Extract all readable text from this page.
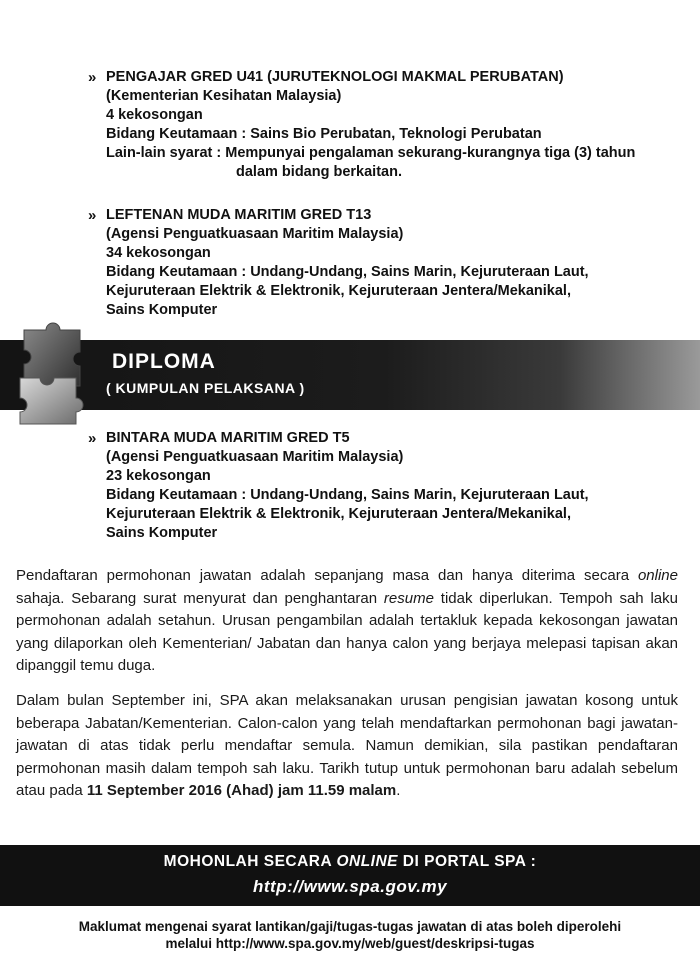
» PENGAJAR GRED U41 (JURUTEKNOLOGI MAKMAL PERUBATAN)
(Kementerian Kesihatan Malaysia)
4 kekosongan
Bidang Keutamaan : Sains Bio Perubatan, Teknologi Perubatan
Lain-lain syarat : Mempunyai pengalaman sekurang-kurangnya tiga (3) tahun
dalam bidang berkaitan.
» LEFTENAN MUDA MARITIM GRED T13
(Agensi Penguatkuasaan Maritim Malaysia)
34 kekosongan
Bidang Keutamaan : Undang-Undang, Sains Marin, Kejuruteraan Laut,
Kejuruteraan Elektrik & Elektronik, Kejuruteraan Jentera/Mekanikal,
Sains Komputer
DIPLOMA
( KUMPULAN PELAKSANA )
» BINTARA MUDA MARITIM GRED T5
(Agensi Penguatkuasaan Maritim Malaysia)
23 kekosongan
Bidang Keutamaan : Undang-Undang, Sains Marin, Kejuruteraan Laut,
Kejuruteraan Elektrik & Elektronik, Kejuruteraan Jentera/Mekanikal,
Sains Komputer
Pendaftaran permohonan jawatan adalah sepanjang masa dan hanya diterima secara online sahaja. Sebarang surat menyurat dan penghantaran resume tidak diperlukan. Tempoh sah laku permohonan adalah setahun. Urusan pengambilan adalah tertakluk kepada kekosongan jawatan yang dilaporkan oleh Kementerian/ Jabatan dan hanya calon yang berjaya melepasi tapisan akan dipanggil temu duga.
Dalam bulan September ini, SPA akan melaksanakan urusan pengisian jawatan kosong untuk beberapa Jabatan/Kementerian. Calon-calon yang telah mendaftarkan permohonan bagi jawatan-jawatan di atas tidak perlu mendaftar semula. Namun demikian, sila pastikan pendaftaran permohonan masih dalam tempoh sah laku. Tarikh tutup untuk permohonan baru adalah sebelum atau pada 11 September 2016 (Ahad) jam 11.59 malam.
MOHONLAH SECARA ONLINE DI PORTAL SPA :
http://www.spa.gov.my
Maklumat mengenai syarat lantikan/gaji/tugas-tugas jawatan di atas boleh diperolehi
melalui http://www.spa.gov.my/web/guest/deskripsi-tugas
